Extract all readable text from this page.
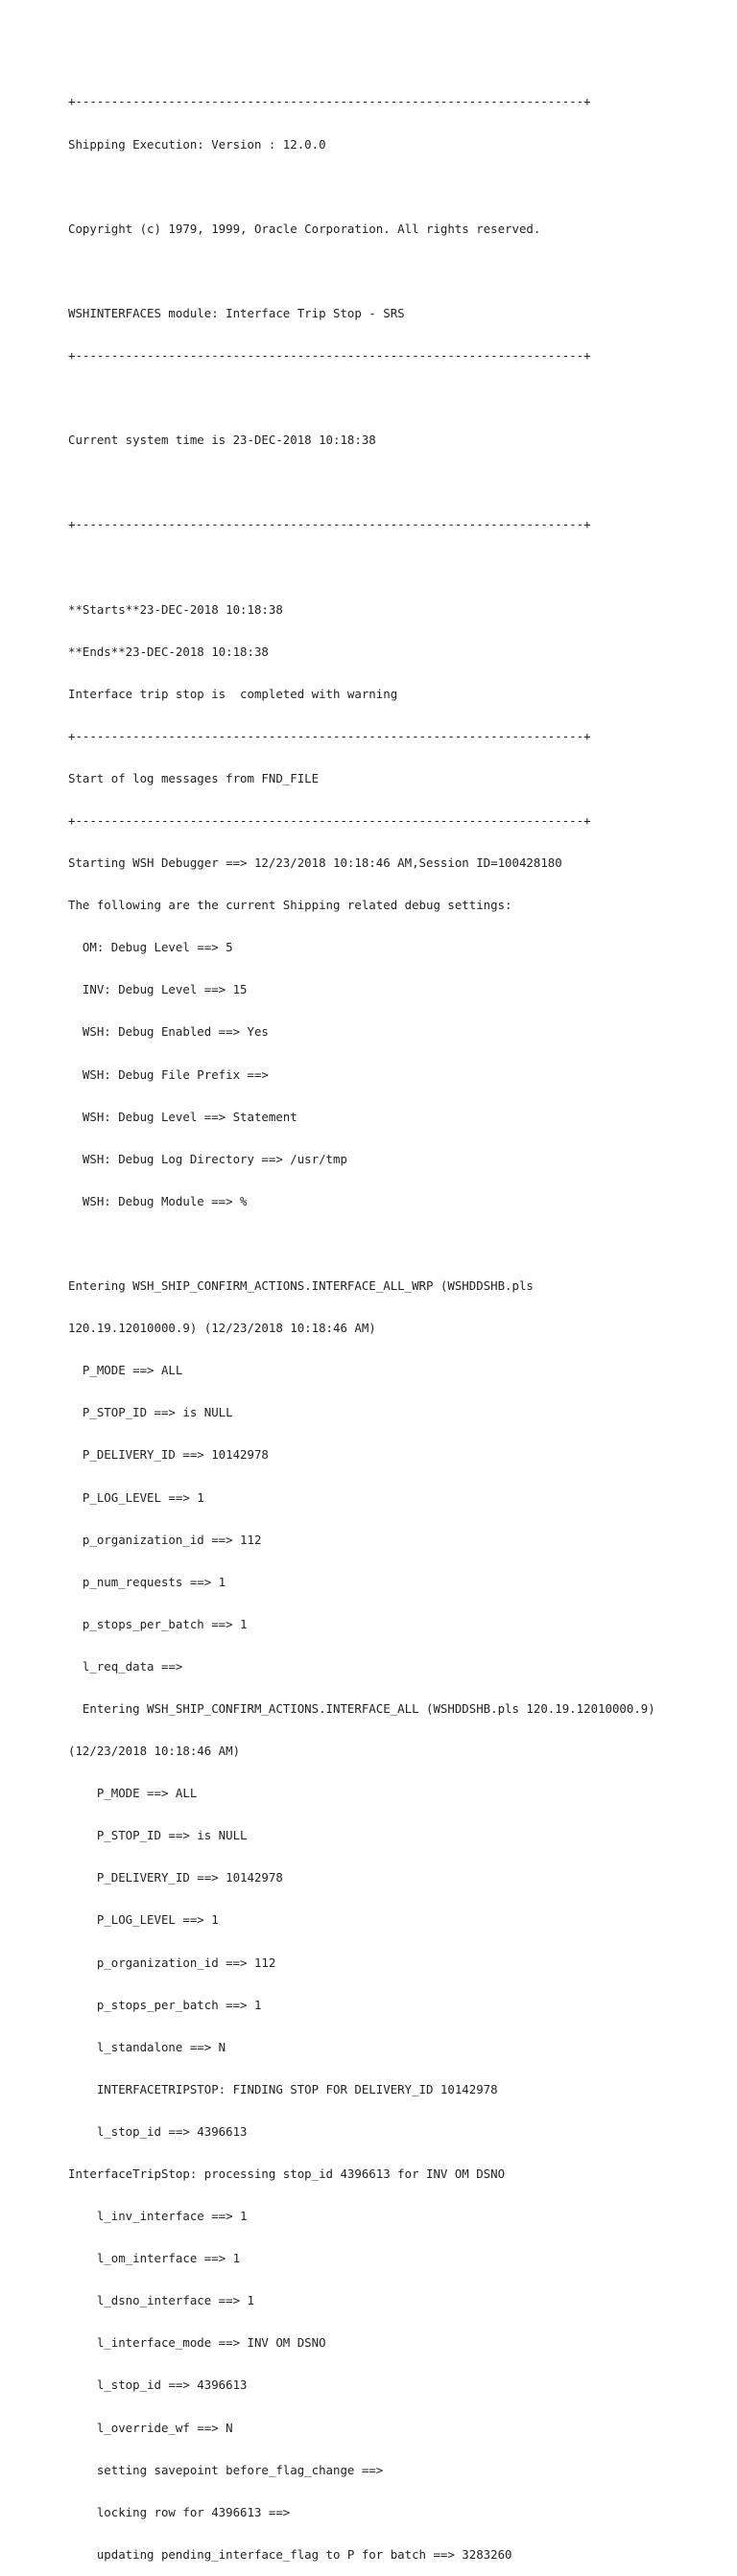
+-----------------------------------------------------------------------+

Shipping Execution: Version : 12.0.0

Copyright (c) 1979, 1999, Oracle Corporation. All rights reserved.

WSHINTERFACES module: Interface Trip Stop - SRS

+-----------------------------------------------------------------------+

Current system time is 23-DEC-2018 10:18:38

+-----------------------------------------------------------------------+

**Starts**23-DEC-2018 10:18:38

**Ends**23-DEC-2018 10:18:38

Interface trip stop is  completed with warning

+-----------------------------------------------------------------------+

Start of log messages from FND_FILE

+-----------------------------------------------------------------------+

Starting WSH Debugger ==> 12/23/2018 10:18:46 AM,Session ID=100428180

The following are the current Shipping related debug settings:

OM: Debug Level ==> 5

INV: Debug Level ==> 15

WSH: Debug Enabled ==> Yes

WSH: Debug File Prefix ==>

WSH: Debug Level ==> Statement

WSH: Debug Log Directory ==> /usr/tmp

WSH: Debug Module ==> %

Entering WSH_SHIP_CONFIRM_ACTIONS.INTERFACE_ALL_WRP (WSHDDSHB.pls

120.19.12010000.9) (12/23/2018 10:18:46 AM)

P_MODE ==> ALL

P_STOP_ID ==> is NULL

P_DELIVERY_ID ==> 10142978

P_LOG_LEVEL ==> 1

p_organization_id ==> 112

p_num_requests ==> 1

p_stops_per_batch ==> 1

l_req_data ==>

Entering WSH_SHIP_CONFIRM_ACTIONS.INTERFACE_ALL (WSHDDSHB.pls 120.19.12010000.9)

(12/23/2018 10:18:46 AM)

P_MODE ==> ALL

P_STOP_ID ==> is NULL

P_DELIVERY_ID ==> 10142978

P_LOG_LEVEL ==> 1

p_organization_id ==> 112

p_stops_per_batch ==> 1

l_standalone ==> N

INTERFACETRIPSTOP: FINDING STOP FOR DELIVERY_ID 10142978

l_stop_id ==> 4396613

InterfaceTripStop: processing stop_id 4396613 for INV OM DSNO

l_inv_interface ==> 1

l_om_interface ==> 1

l_dsno_interface ==> 1

l_interface_mode ==> INV OM DSNO

l_stop_id ==> 4396613

l_override_wf ==> N

setting savepoint before_flag_change ==>

locking row for 4396613 ==>

updating pending_interface_flag to P for batch ==> 3283260
